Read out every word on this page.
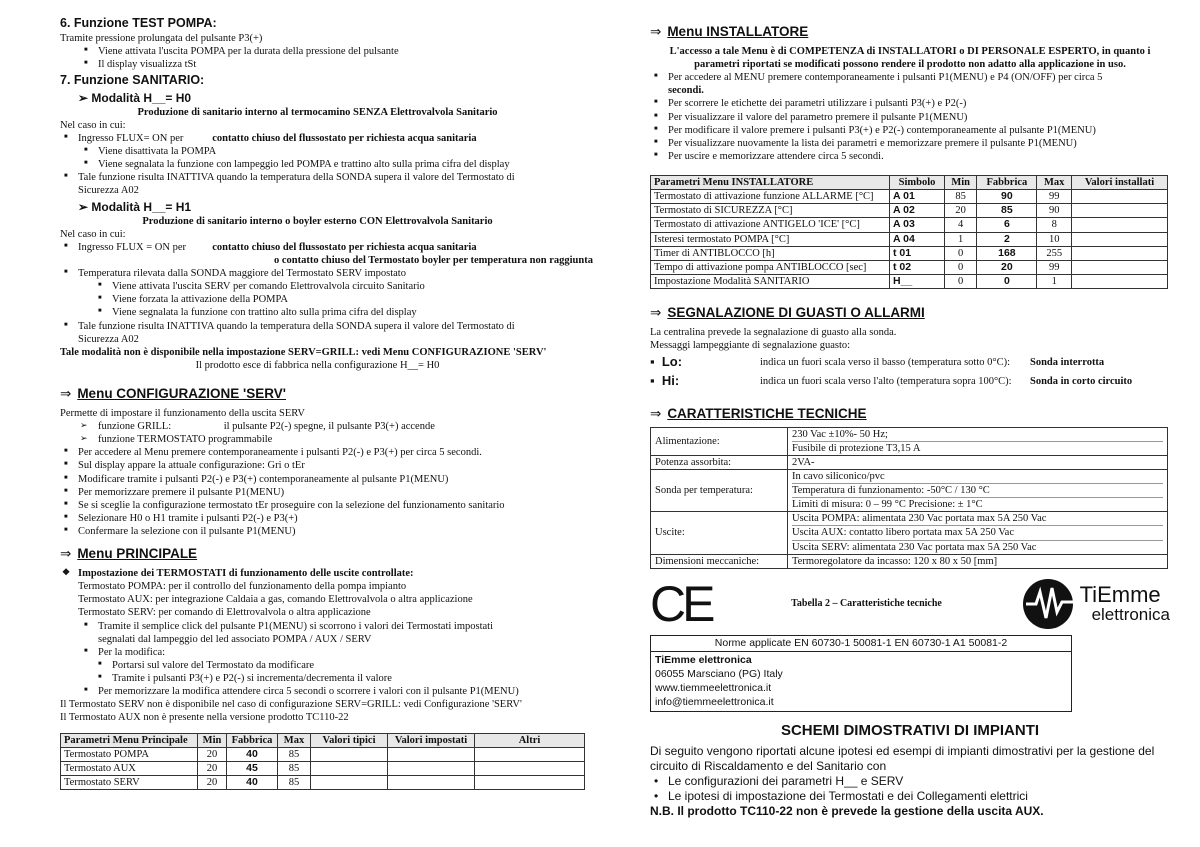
6. Funzione TEST POMPA:

Tramite pressione prolungata del pulsante P3(+)

■ Viene attivata l'uscita POMPA per la durata della pressione del pulsante

■ Il display visualizza tSt

7. Funzione SANITARIO:

➢ Modalità H__= H0

Produzione di sanitario interno al termocamino SENZA Elettrovalvola Sanitario

Nel caso in cui:

■ Ingresso FLUX= ON per	contatto chiuso del flussostato per richiesta acqua sanitaria

■ Viene disattivata la POMPA

■ Viene segnalata la funzione con lampeggio led POMPA e trattino alto sulla prima cifra del display

■ Tale funzione risulta INATTIVA quando la temperatura della SONDA supera il valore del Termostato di

Sicurezza A02

➢ Modalità H__= H1

Produzione di sanitario interno o boyler esterno CON Elettrovalvola Sanitario

Nel caso in cui:

■ Ingresso FLUX = ON per	contatto chiuso del flussostato per richiesta acqua sanitaria

o contatto chiuso del Termostato boyler per temperatura non raggiunta

■ Temperatura rilevata dalla SONDA maggiore del Termostato SERV impostato

■ Viene attivata l'uscita SERV per comando Elettrovalvola circuito Sanitario

■ Viene forzata la attivazione della POMPA

■ Viene segnalata la funzione con trattino alto sulla prima cifra del display

■ Tale funzione risulta INATTIVA quando la temperatura della SONDA supera il valore del Termostato di

Sicurezza A02

Tale modalità non è disponibile nella impostazione SERV=GRILL: vedi Menu CONFIGURAZIONE 'SERV'

Il prodotto esce di fabbrica nella configurazione H__= H0

⇒ Menu CONFIGURAZIONE 'SERV'

Permette di impostare il funzionamento della uscita SERV

➢ funzione GRILL:	il pulsante P2(-) spegne, il pulsante P3(+) accende

➢ funzione TERMOSTATO programmabile

■ Per accedere al Menu premere contemporaneamente i pulsanti P2(-) e P3(+) per circa 5 secondi.

■ Sul display appare la attuale configurazione: Gri o tEr

■ Modificare tramite i pulsanti P2(-) e P3(+) contemporaneamente al pulsante P1(MENU)

■ Per memorizzare premere il pulsante P1(MENU)

■ Se si sceglie la configurazione termostato tEr proseguire con la selezione del funzionamento sanitario

■ Selezionare H0 o H1 tramite i pulsanti P2(-) e P3(+)

■ Confermare la selezione con il pulsante P1(MENU)

⇒ Menu PRINCIPALE

❖ Impostazione dei TERMOSTATI di funzionamento delle uscite controllate:

Termostato POMPA: per il controllo del funzionamento della pompa impianto

Termostato AUX: per integrazione Caldaia a gas, comando Elettrovalvola o altra applicazione

Termostato SERV: per comando di Elettrovalvola o altra applicazione

■ Tramite il semplice click del pulsante P1(MENU) si scorrono i valori dei Termostati impostati

segnalati dal lampeggio del led associato POMPA / AUX / SERV

■ Per la modifica:

■ Portarsi sul valore del Termostato da modificare

■ Tramite i pulsanti P3(+) e P2(-) si incrementa/decrementa il valore

■ Per memorizzare la modifica attendere circa 5 secondi o scorrere i valori con il pulsante P1(MENU)

Il Termostato SERV non è disponibile nel caso di configurazione SERV=GRILL: vedi Configurazione 'SERV'

Il Termostato AUX non è presente nella versione prodotto TC110-22

Parametri Menu Principale	Min	Fabbrica	Max	Valori tipici	Valori impostati	Altri
Termostato POMPA	20	40	85			
Termostato AUX	20	45	85			
Termostato SERV	20	40	85			
⇒ Menu INSTALLATORE

L'accesso a tale Menu è di COMPETENZA di INSTALLATORI o DI PERSONALE ESPERTO, in quanto i

parametri riportati se modificati possono rendere il prodotto non adatto alla applicazione in uso.

■ Per accedere al MENU premere contemporaneamente i pulsanti P1(MENU) e P4 (ON/OFF) per circa 5

secondi.

■ Per scorrere le etichette dei parametri utilizzare i pulsanti P3(+) e P2(-)

■ Per visualizzare il valore del parametro premere il pulsante P1(MENU)

■ Per modificare il valore premere i pulsanti P3(+) e P2(-) contemporaneamente al pulsante P1(MENU)

■ Per visualizzare nuovamente la lista dei parametri e memorizzare premere il pulsante P1(MENU)

■ Per uscire e memorizzare attendere circa 5 secondi.

Parametri Menu INSTALLATORE	Simbolo	Min	Fabbrica	Max	Valori installati
Termostato di attivazione funzione ALLARME [°C]	A 01	85	90	99	
Termostato di SICUREZZA [°C]	A 02	20	85	90	
Termostato di attivazione ANTIGELO 'ICE' [°C]	A 03	4	6	8	
Isteresi termostato POMPA [°C]	A 04	1	2	10	
Timer di ANTIBLOCCO [h]	t 01	0	168	255	
Tempo di attivazione pompa ANTIBLOCCO [sec]	t 02	0	20	99	
Impostazione Modalità SANITARIO	H__	0	0	1	
⇒ SEGNALAZIONE DI GUASTI O ALLARMI

La centralina prevede la segnalazione di guasto alla sonda.

Messaggi lampeggiante di segnalazione guasto:

▪  Lo:	indica un fuori scala verso il basso (temperatura sotto 0°C):	Sonda interrotta
▪  Hi:	indica un fuori scala verso l'alto (temperatura sopra 100°C):	Sonda in corto circuito
⇒ CARATTERISTICHE TECNICHE
Alimentazione:	230 Vac ±10%- 50 Hz;
Fusibile di protezione T3,15 A

Potenza assorbita:	2VA-

Sonda per temperatura:	In cavo siliconico/pvc
Temperatura di funzionamento: -50°C / 130 °C
Limiti di misura: 0 – 99 °C Precisione: ± 1°C

Uscite:	Uscita POMPA: alimentata 230 Vac portata max 5A 250 Vac
Uscita AUX: contatto libero portata max 5A 250 Vac
Uscita SERV: alimentata 230 Vac portata max 5A 250 Vac

Dimensioni meccaniche:	Termoregolatore da incasso: 120 x 80 x 50 [mm]
CE	Tabella 2 – Caratteristiche tecniche	TiEmme
elettronica
Norme applicate EN 60730-1 50081-1 EN 60730-1 A1 50081-2
TiEmme elettronica
06055 Marsciano (PG) Italy
www.tiemmeelettronica.it
info@tiemmeelettronica.it
SCHEMI DIMOSTRATIVI DI IMPIANTI

Di seguito vengono riportati alcune ipotesi ed esempi di impianti dimostrativi per la gestione del

circuito di Riscaldamento e del Sanitario con

• Le configurazioni dei parametri H__ e SERV

• Le ipotesi di impostazione dei Termostati e dei Collegamenti elettrici

N.B. Il prodotto TC110-22 non è prevede la gestione della uscita AUX.
